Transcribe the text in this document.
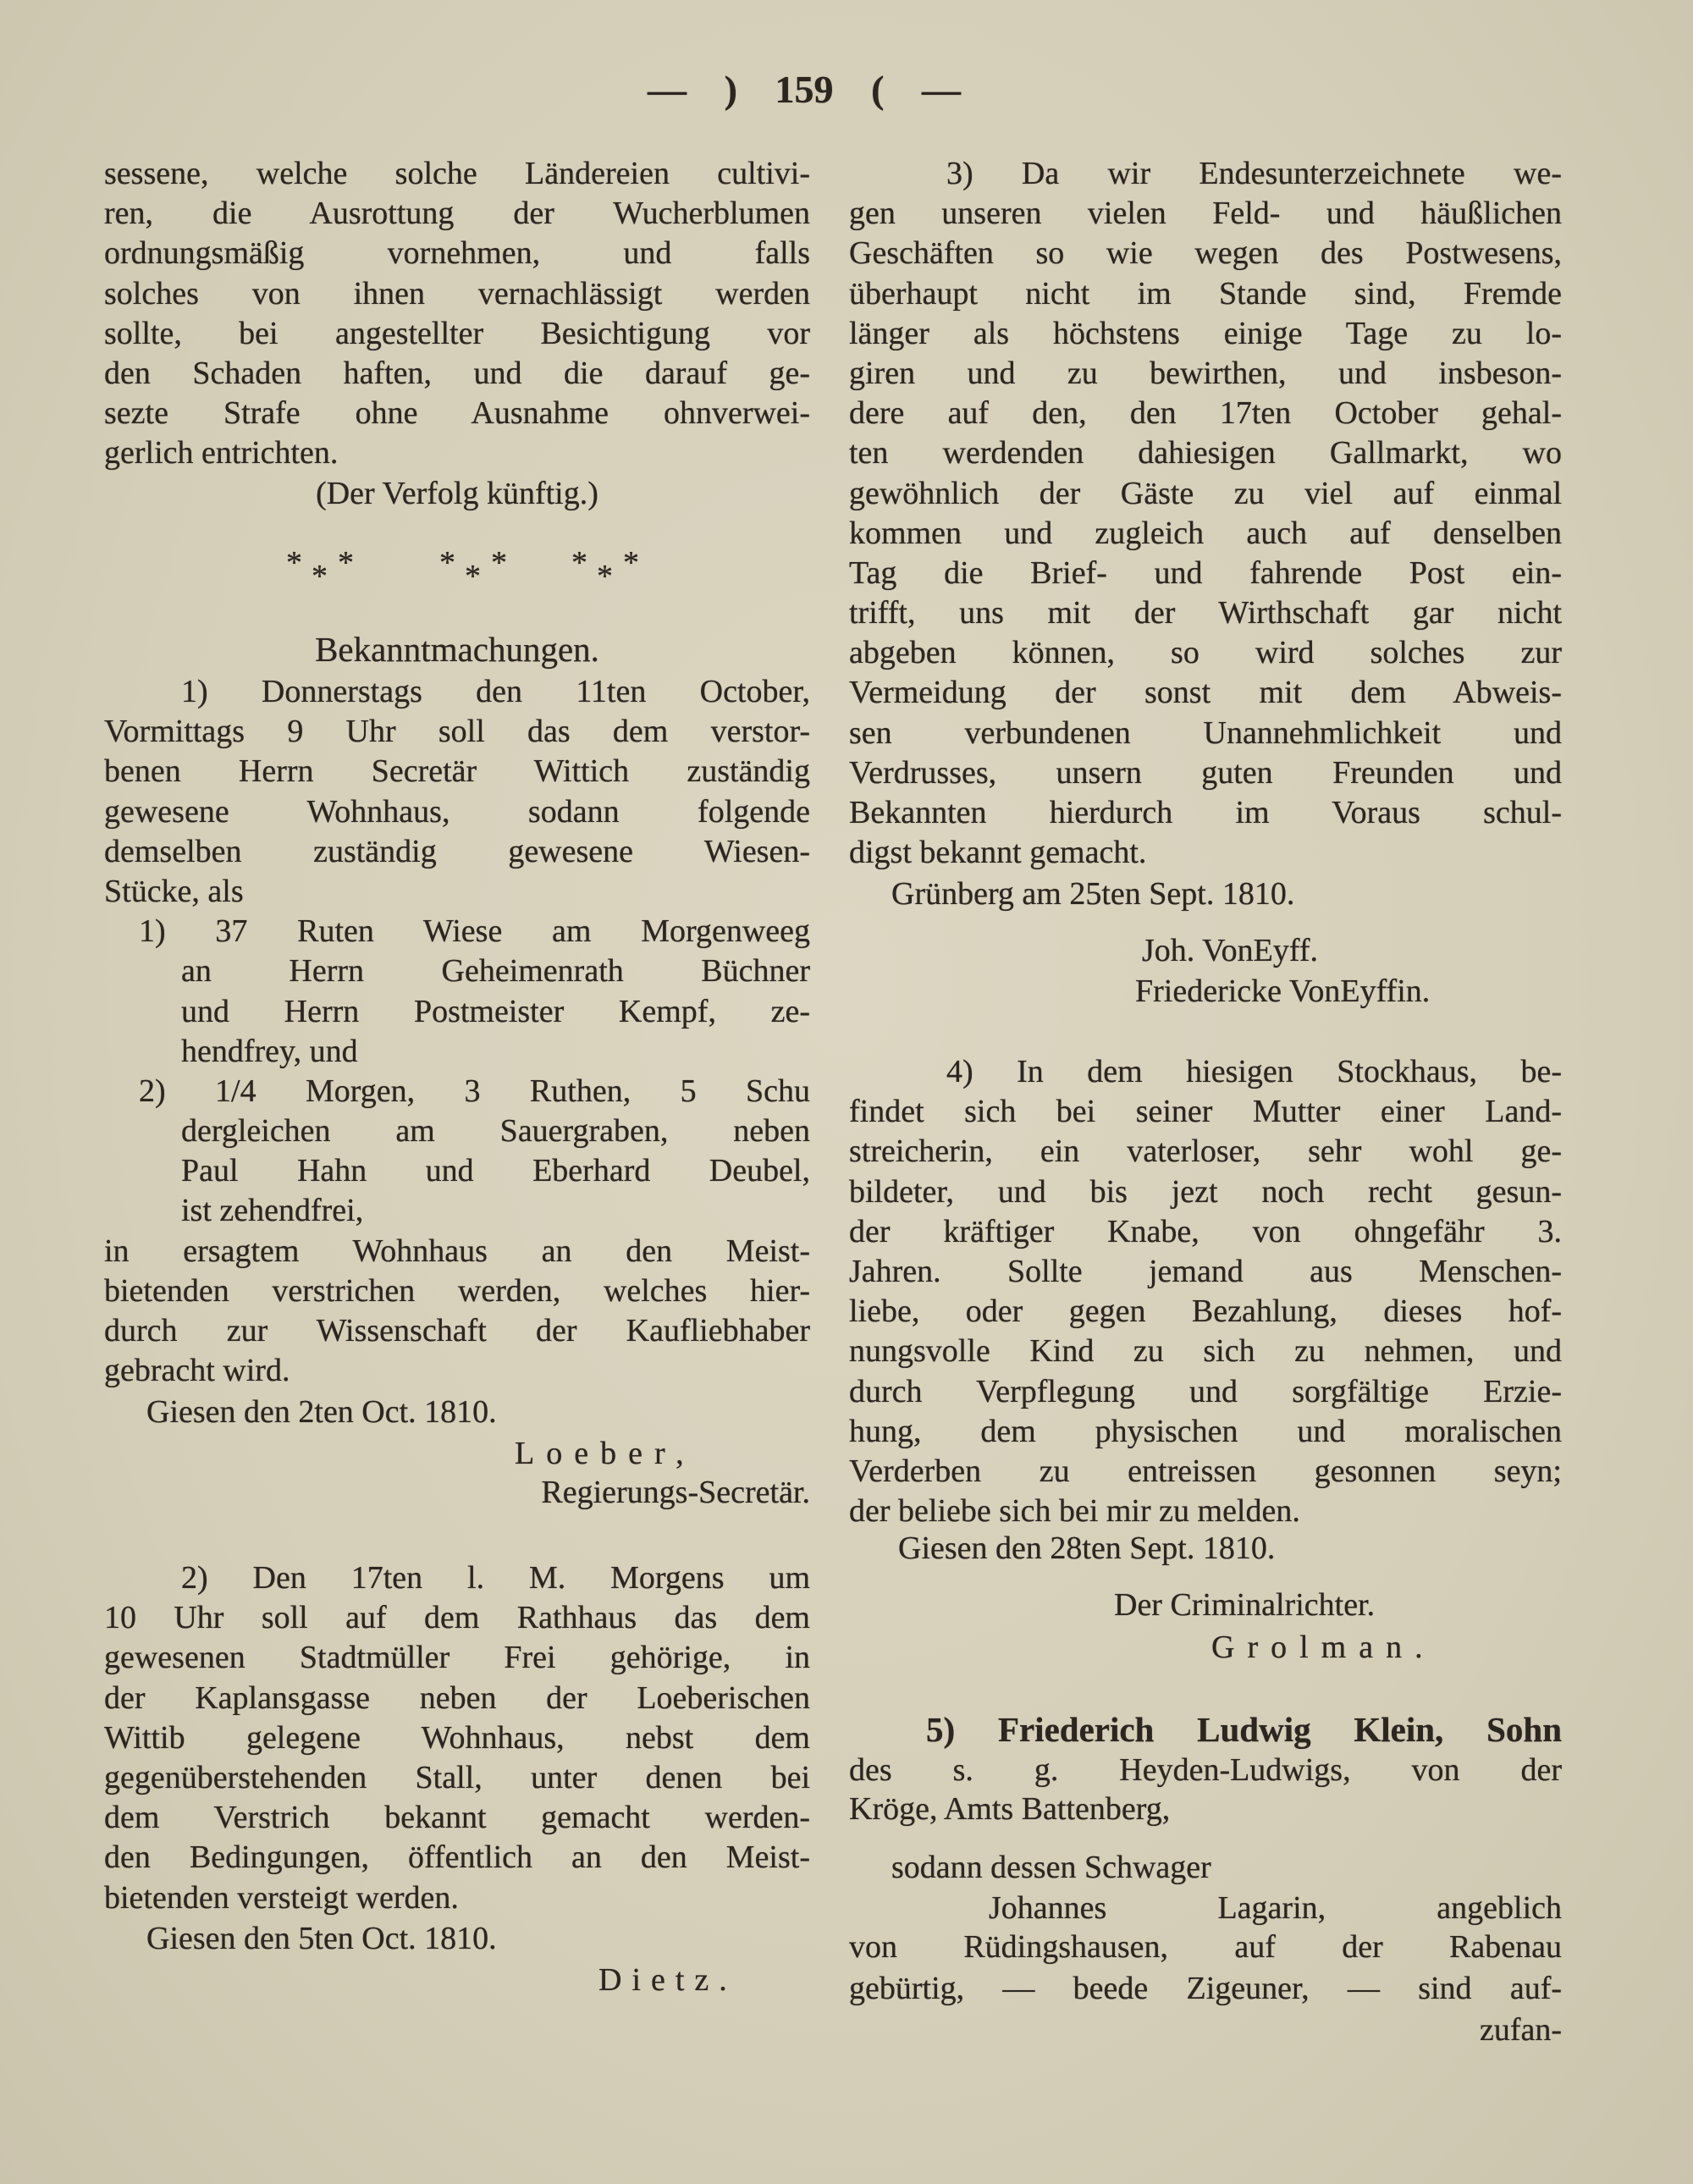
— ) 159 ( —
sessene, welche solche Ländereien cultivi-
ren, die Ausrottung der Wucherblumen
ordnungsmäßig vornehmen, und falls
solches von ihnen vernachlässigt werden
sollte, bei angestellter Besichtigung vor
den Schaden haften, und die darauf ge-
sezte Strafe ohne Ausnahme ohnverwei-
gerlich entrichten.
(Der Verfolg künftig.)
* *
*	* *
*	* *
*
Bekanntmachungen.
1) Donnerstags den 11ten October,
Vormittags 9 Uhr soll das dem verstor-
benen Herrn Secretär Wittich zuständig
gewesene Wohnhaus, sodann folgende
demselben zuständig gewesene Wiesen-
Stücke, als
1) 37 Ruten Wiese am Morgenweeg
an Herrn Geheimenrath Büchner
und Herrn Postmeister Kempf, ze-
hendfrey, und
2) 1/4 Morgen, 3 Ruthen, 5 Schu
dergleichen am Sauergraben, neben
Paul Hahn und Eberhard Deubel,
ist zehendfrei,
in ersagtem Wohnhaus an den Meist-
bietenden verstrichen werden, welches hier-
durch zur Wissenschaft der Kaufliebhaber
gebracht wird.
Giesen den 2ten Oct. 1810.
Loeber,
Regierungs-Secretär.
2) Den 17ten l. M. Morgens um
10 Uhr soll auf dem Rathhaus das dem
gewesenen Stadtmüller Frei gehörige, in
der Kaplansgasse neben der Loeberischen
Wittib gelegene Wohnhaus, nebst dem
gegenüberstehenden Stall, unter denen bei
dem Verstrich bekannt gemacht werden-
den Bedingungen, öffentlich an den Meist-
bietenden versteigt werden.
Giesen den 5ten Oct. 1810.
Dietz.
3) Da wir Endesunterzeichnete we-
gen unseren vielen Feld- und häußlichen
Geschäften so wie wegen des Postwesens,
überhaupt nicht im Stande sind, Fremde
länger als höchstens einige Tage zu lo-
giren und zu bewirthen, und insbeson-
dere auf den, den 17ten October gehal-
ten werdenden dahiesigen Gallmarkt, wo
gewöhnlich der Gäste zu viel auf einmal
kommen und zugleich auch auf denselben
Tag die Brief- und fahrende Post ein-
trifft, uns mit der Wirthschaft gar nicht
abgeben können, so wird solches zur
Vermeidung der sonst mit dem Abweis-
sen verbundenen Unannehmlichkeit und
Verdrusses, unsern guten Freunden und
Bekannten hierdurch im Voraus schul-
digst bekannt gemacht.
Grünberg am 25ten Sept. 1810.
Joh. VonEyff.
Friedericke VonEyffin.
4) In dem hiesigen Stockhaus, be-
findet sich bei seiner Mutter einer Land-
streicherin, ein vaterloser, sehr wohl ge-
bildeter, und bis jezt noch recht gesun-
der kräftiger Knabe, von ohngefähr 3.
Jahren. Sollte jemand aus Menschen-
liebe, oder gegen Bezahlung, dieses hof-
nungsvolle Kind zu sich zu nehmen, und
durch Verpflegung und sorgfältige Erzie-
hung, dem physischen und moralischen
Verderben zu entreissen gesonnen seyn;
der beliebe sich bei mir zu melden.
Giesen den 28ten Sept. 1810.
Der Criminalrichter.
Grolman.
5) Friederich Ludwig Klein, Sohn
des s. g. Heyden-Ludwigs, von der
Kröge, Amts Battenberg,
sodann dessen Schwager
Johannes Lagarin, angeblich
von Rüdingshausen, auf der Rabenau
gebürtig, — beede Zigeuner, — sind auf-
zufan-
